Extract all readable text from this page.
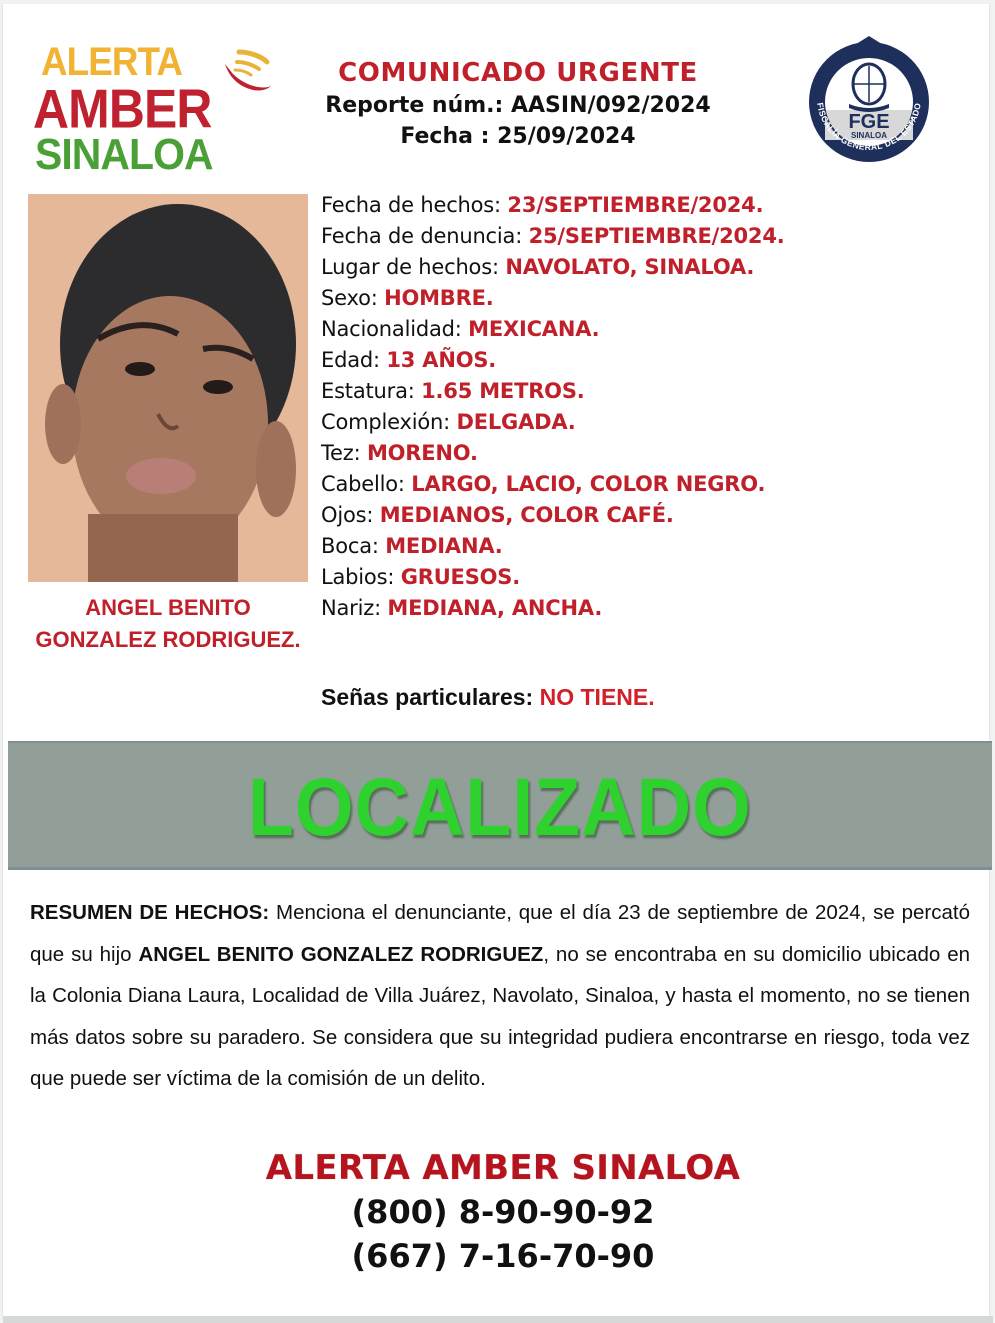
ALERTA
AMBER
SINALOA
COMUNICADO URGENTE
Reporte núm.: AASIN/092/2024
Fecha : 25/09/2024
FGE
SINALOA
FISCALÍA GENERAL DEL ESTADO
ANGEL BENITO
GONZALEZ RODRIGUEZ.
Fecha de hechos: 23/SEPTIEMBRE/2024.
Fecha de denuncia: 25/SEPTIEMBRE/2024.
Lugar de hechos: NAVOLATO, SINALOA.
Sexo: HOMBRE.
Nacionalidad: MEXICANA.
Edad: 13 AÑOS.
Estatura: 1.65 METROS.
Complexión: DELGADA.
Tez: MORENO.
Cabello: LARGO, LACIO, COLOR NEGRO.
Ojos: MEDIANOS, COLOR CAFÉ.
Boca: MEDIANA.
Labios: GRUESOS.
Nariz: MEDIANA, ANCHA.
Señas particulares: NO TIENE.
LOCALIZADO
RESUMEN DE HECHOS: Menciona el denunciante, que el día 23 de septiembre de 2024, se percató que su hijo ANGEL BENITO GONZALEZ RODRIGUEZ, no se encontraba en su domicilio ubicado en la Colonia Diana Laura, Localidad de Villa Juárez, Navolato, Sinaloa, y hasta el momento, no se tienen más datos sobre su paradero. Se considera que su integridad pudiera encontrarse en riesgo, toda vez que puede ser víctima de la comisión de un delito.
ALERTA AMBER SINALOA
(800) 8-90-90-92
(667) 7-16-70-90
